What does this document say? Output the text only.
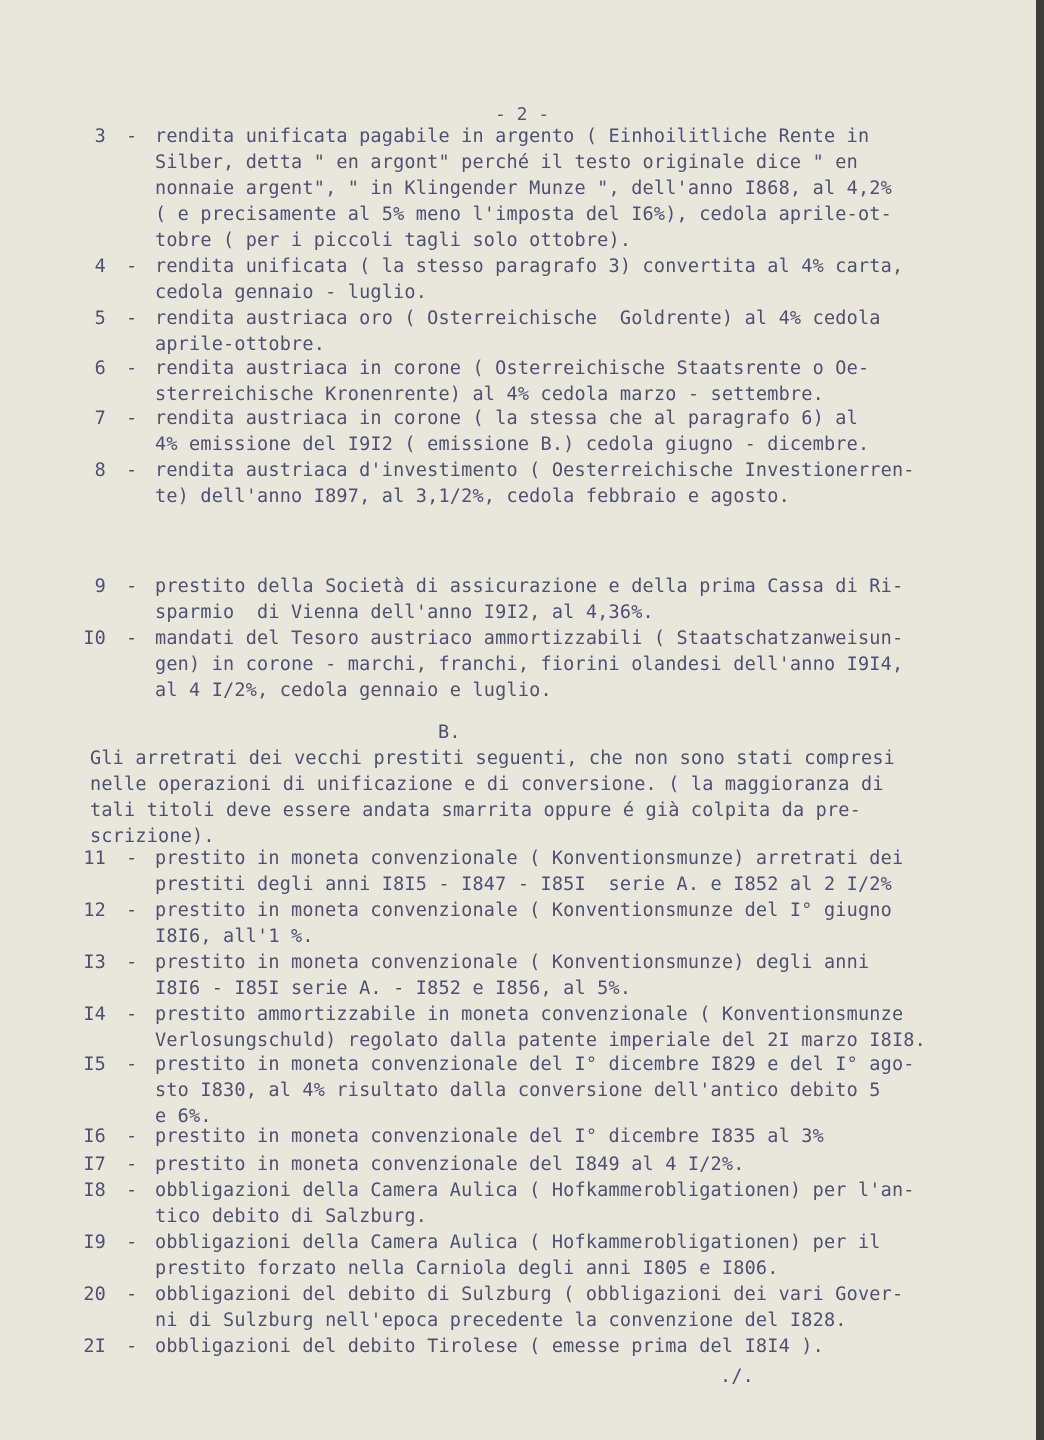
- 2 -
B.
./.
3 - rendita unificata pagabile in argento ( Einhoilitliche Rente in
Silber, detta " en argont" perché il testo originale dice " en
nonnaie argent", " in Klingender Munze ", dell'anno I868, al 4,2%
( e precisamente al 5% meno l'imposta del I6%), cedola aprile-ot-
tobre ( per i piccoli tagli solo ottobre).
4 - rendita unificata ( la stesso paragrafo 3) convertita al 4% carta,
cedola gennaio - luglio.
5 - rendita austriaca oro ( Osterreichische  Goldrente) al 4% cedola
aprile-ottobre.
6 - rendita austriaca in corone ( Osterreichische Staatsrente o Oe-
sterreichische Kronenrente) al 4% cedola marzo - settembre.
7 - rendita austriaca in corone ( la stessa che al paragrafo 6) al
4% emissione del I9I2 ( emissione B.) cedola giugno - dicembre.
8 - rendita austriaca d'investimento ( Oesterreichische Investionerren-
te) dell'anno I897, al 3,1/2%, cedola febbraio e agosto.
9 - prestito della Società di assicurazione e della prima Cassa di Ri-
sparmio  di Vienna dell'anno I9I2, al 4,36%.
I0 - mandati del Tesoro austriaco ammortizzabili ( Staatschatzanweisun-
gen) in corone - marchi, franchi, fiorini olandesi dell'anno I9I4,
al 4 I/2%, cedola gennaio e luglio.
Gli arretrati dei vecchi prestiti seguenti, che non sono stati compresi
nelle operazioni di unificazione e di conversione. ( la maggioranza di
tali titoli deve essere andata smarrita oppure é già colpita da pre-
scrizione).
11 - prestito in moneta convenzionale ( Konventionsmunze) arretrati dei
prestiti degli anni I8I5 - I847 - I85I  serie A. e I852 al 2 I/2%
12 - prestito in moneta convenzionale ( Konventionsmunze del I° giugno
I8I6, all'1 %.
I3 - prestito in moneta convenzionale ( Konventionsmunze) degli anni
I8I6 - I85I serie A. - I852 e I856, al 5%.
I4 - prestito ammortizzabile in moneta convenzionale ( Konventionsmunze
Verlosungschuld) regolato dalla patente imperiale del 2I marzo I8I8.
I5 - prestito in moneta convenzionale del I° dicembre I829 e del I° ago-
sto I830, al 4% risultato dalla conversione dell'antico debito 5
e 6%.
I6 - prestito in moneta convenzionale del I° dicembre I835 al 3%
I7 - prestito in moneta convenzionale del I849 al 4 I/2%.
I8 - obbligazioni della Camera Aulica ( Hofkammerobligationen) per l'an-
tico debito di Salzburg.
I9 - obbligazioni della Camera Aulica ( Hofkammerobligationen) per il
prestito forzato nella Carniola degli anni I805 e I806.
20 - obbligazioni del debito di Sulzburg ( obbligazioni dei vari Gover-
ni di Sulzburg nell'epoca precedente la convenzione del I828.
2I - obbligazioni del debito Tirolese ( emesse prima del I8I4 ).
